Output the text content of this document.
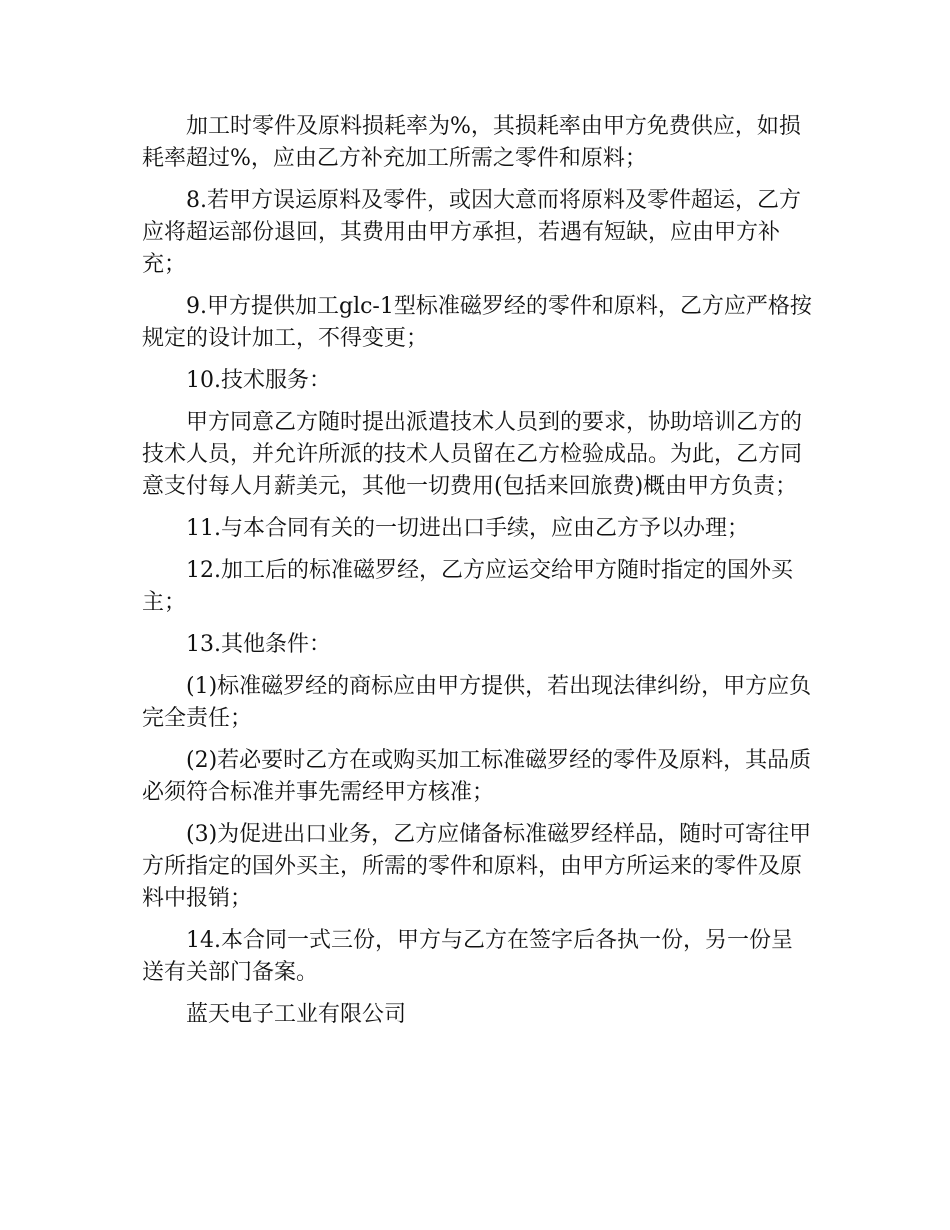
加工时零件及原料损耗率为%，其损耗率由甲方免费供应，如损耗率超过%，应由乙方补充加工所需之零件和原料；

8.若甲方误运原料及零件，或因大意而将原料及零件超运，乙方应将超运部份退回，其费用由甲方承担，若遇有短缺，应由甲方补充；

9.甲方提供加工glc-1型标准磁罗经的零件和原料，乙方应严格按规定的设计加工，不得变更；

10.技术服务：

甲方同意乙方随时提出派遣技术人员到的要求，协助培训乙方的技术人员，并允许所派的技术人员留在乙方检验成品。为此，乙方同意支付每人月薪美元，其他一切费用(包括来回旅费)概由甲方负责；

11.与本合同有关的一切进出口手续，应由乙方予以办理；

12.加工后的标准磁罗经，乙方应运交给甲方随时指定的国外买主；

13.其他条件：

(1)标准磁罗经的商标应由甲方提供，若出现法律纠纷，甲方应负完全责任；

(2)若必要时乙方在或购买加工标准磁罗经的零件及原料，其品质必须符合标准并事先需经甲方核准；

(3)为促进出口业务，乙方应储备标准磁罗经样品，随时可寄往甲方所指定的国外买主，所需的零件和原料，由甲方所运来的零件及原料中报销；

14.本合同一式三份，甲方与乙方在签字后各执一份，另一份呈送有关部门备案。

蓝天电子工业有限公司
